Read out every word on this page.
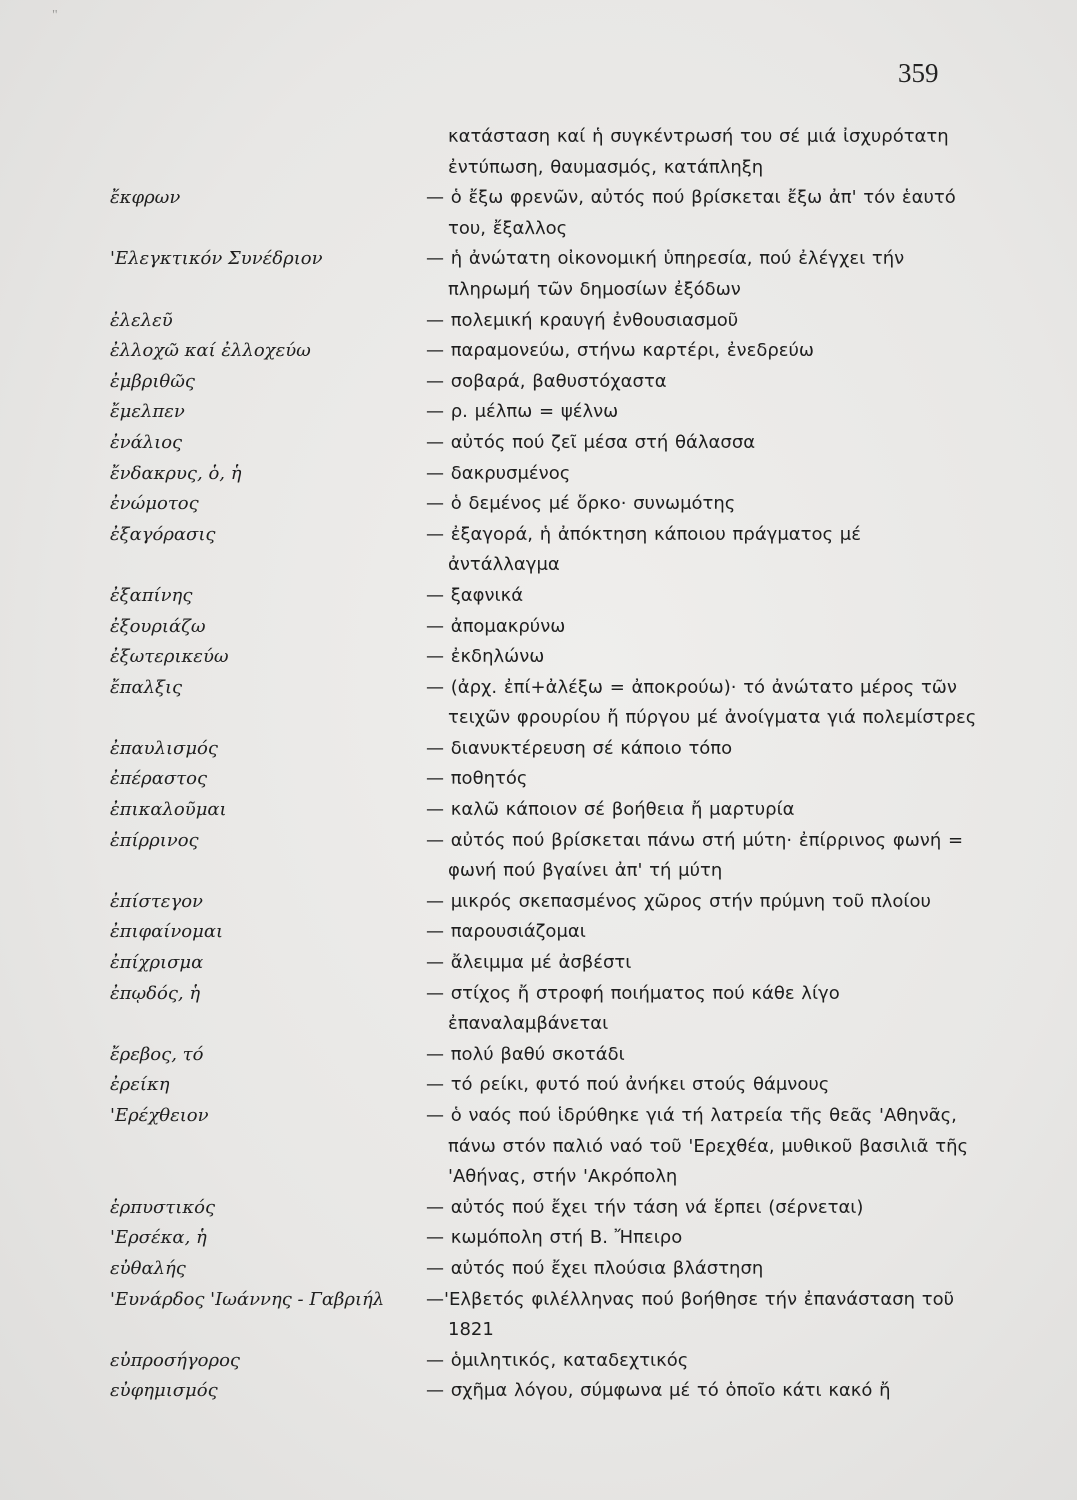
"
359
κατάσταση καί ἡ συγκέντρωσή του σέ μιά ἰσχυρότατη ἐντύπωση, θαυμασμός, κατάπληξη
ἔκφρων	— ὁ ἔξω φρενῶν, αὐτός πού βρίσκεται ἔξω ἀπ' τόν ἑαυτό του, ἔξαλλος
'Ελεγκτικόν Συνέδριον	— ἡ ἀνώτατη οἰκονομική ὑπηρεσία, πού ἐλέγχει τήν πληρωμή τῶν δημοσίων ἐξόδων
ἐλελεῦ	— πολεμική κραυγή ἐνθουσιασμοῦ
ἐλλοχῶ καί ἐλλοχεύω	— παραμονεύω, στήνω καρτέρι, ἐνεδρεύω
ἐμβριθῶς	— σοβαρά, βαθυστόχαστα
ἔμελπεν	— ρ. μέλπω = ψέλνω
ἐνάλιος	— αὐτός πού ζεῖ μέσα στή θάλασσα
ἔνδακρυς, ὁ, ἡ	— δακρυσμένος
ἐνώμοτος	— ὁ δεμένος μέ ὅρκο· συνωμότης
ἐξαγόρασις	— ἐξαγορά, ἡ ἀπόκτηση κάποιου πράγματος μέ ἀντάλλαγμα
ἐξαπίνης	— ξαφνικά
ἐξουριάζω	— ἀπομακρύνω
ἐξωτερικεύω	— ἐκδηλώνω
ἔπαλξις	— (ἀρχ. ἐπί+ἀλέξω = ἀποκρούω)· τό ἀνώτατο μέρος τῶν τειχῶν φρουρίου ἤ πύργου μέ ἀνοίγματα γιά πολεμίστρες
ἐπαυλισμός	— διανυκτέρευση σέ κάποιο τόπο
ἐπέραστος	— ποθητός
ἐπικαλοῦμαι	— καλῶ κάποιον σέ βοήθεια ἤ μαρτυρία
ἐπίρρινος	— αὐτός πού βρίσκεται πάνω στή μύτη· ἐπίρρινος φωνή = φωνή πού βγαίνει ἀπ' τή μύτη
ἐπίστεγον	— μικρός σκεπασμένος χῶρος στήν πρύμνη τοῦ πλοίου
ἐπιφαίνομαι	— παρουσιάζομαι
ἐπίχρισμα	— ἄλειμμα μέ ἀσβέστι
ἐπῳδός, ἡ	— στίχος ἤ στροφή ποιήματος πού κάθε λίγο ἐπαναλαμβάνεται
ἔρεβος, τό	— πολύ βαθύ σκοτάδι
ἐρείκη	— τό ρείκι, φυτό πού ἀνήκει στούς θάμνους
'Ερέχθειον	— ὁ ναός πού ἱδρύθηκε γιά τή λατρεία τῆς θεᾶς 'Αθηνᾶς, πάνω στόν παλιό ναό τοῦ 'Ερεχθέα, μυθικοῦ βασιλιᾶ τῆς 'Αθήνας, στήν 'Ακρόπολη
ἑρπυστικός	— αὐτός πού ἔχει τήν τάση νά ἕρπει (σέρνεται)
'Ερσέκα, ἡ	— κωμόπολη στή Β. Ἤπειρο
εὐθαλής	— αὐτός πού ἔχει πλούσια βλάστηση
'Ευνάρδος 'Ιωάννης - Γαβριήλ	—'Ελβετός φιλέλληνας πού βοήθησε τήν ἐπανάσταση τοῦ 1821
εὐπροσήγορος	— ὁμιλητικός, καταδεχτικός
εὐφημισμός	— σχῆμα λόγου, σύμφωνα μέ τό ὁποῖο κάτι κακό ἤ
